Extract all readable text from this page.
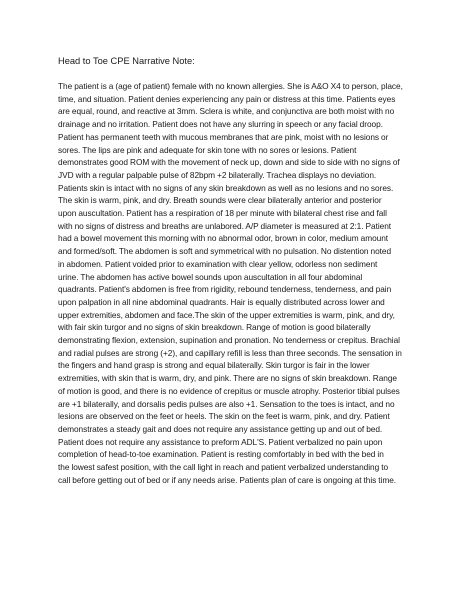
Head to Toe CPE Narrative Note:
The patient is a (age of patient) female with no known allergies. She is A&O X4 to person, place,
time, and situation. Patient denies experiencing any pain or distress at this time. Patients eyes
are equal, round, and reactive at 3mm. Sclera is white, and conjunctiva are both moist with no
drainage and no irritation. Patient does not have any slurring in speech or any facial droop.
Patient has permanent teeth with mucous membranes that are pink, moist with no lesions or
sores. The lips are pink and adequate for skin tone with no sores or lesions. Patient
demonstrates good ROM with the movement of neck up, down and side to side with no signs of
JVD with a regular palpable pulse of 82bpm +2 bilaterally. Trachea displays no deviation.
Patients skin is intact with no signs of any skin breakdown as well as no lesions and no sores.
The skin is warm, pink, and dry. Breath sounds were clear bilaterally anterior and posterior
upon auscultation. Patient has a respiration of 18 per minute with bilateral chest rise and fall
with no signs of distress and breaths are unlabored. A/P diameter is measured at 2:1. Patient
had a bowel movement this morning with no abnormal odor, brown in color, medium amount
and formed/soft. The abdomen is soft and symmetrical with no pulsation. No distention noted
in abdomen. Patient voided prior to examination with clear yellow, odorless non sediment
urine. The abdomen has active bowel sounds upon auscultation in all four abdominal
quadrants. Patient's abdomen is free from rigidity, rebound tenderness, tenderness, and pain
upon palpation in all nine abdominal quadrants. Hair is equally distributed across lower and
upper extremities, abdomen and face.The skin of the upper extremities is warm, pink, and dry,
with fair skin turgor and no signs of skin breakdown. Range of motion is good bilaterally
demonstrating flexion, extension, supination and pronation. No tenderness or crepitus. Brachial
and radial pulses are strong (+2), and capillary refill is less than three seconds. The sensation in
the fingers and hand grasp is strong and equal bilaterally. Skin turgor is fair in the lower
extremities, with skin that is warm, dry, and pink. There are no signs of skin breakdown. Range
of motion is good, and there is no evidence of crepitus or muscle atrophy. Posterior tibial pulses
are +1 bilaterally, and dorsalis pedis pulses are also +1. Sensation to the toes is intact, and no
lesions are observed on the feet or heels. The skin on the feet is warm, pink, and dry. Patient
demonstrates a steady gait and does not require any assistance getting up and out of bed.
Patient does not require any assistance to preform ADL'S. Patient verbalized no pain upon
completion of head-to-toe examination. Patient is resting comfortably in bed with the bed in
the lowest safest position, with the call light in reach and patient verbalized understanding to
call before getting out of bed or if any needs arise. Patients plan of care is ongoing at this time.
